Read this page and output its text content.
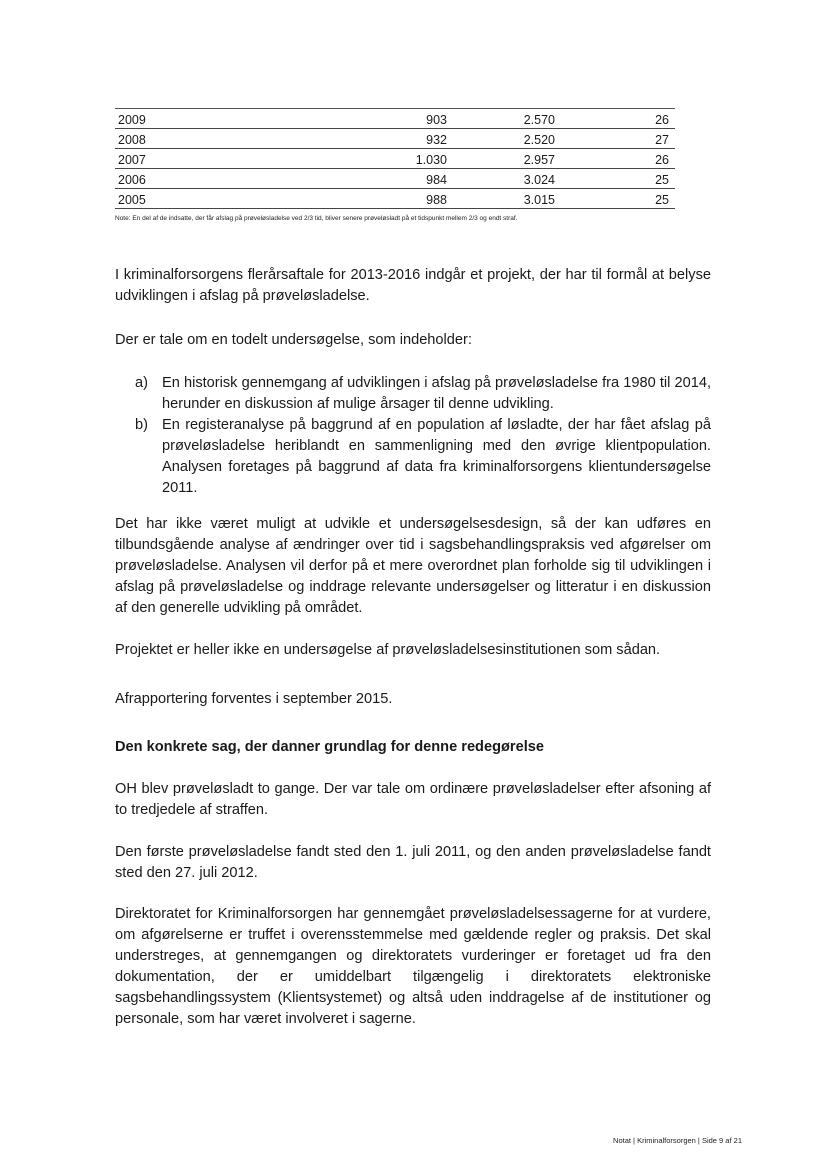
2009	903	2.570	26
2008	932	2.520	27
2007	1.030	2.957	26
2006	984	3.024	25
2005	988	3.015	25
Note: En del af de indsatte, der får afslag på prøveløsladelse ved 2/3 tid, bliver senere prøveløsladt på et tidspunkt mellem 2/3 og endt straf.

I kriminalforsorgens flerårsaftale for 2013-2016 indgår et projekt, der har til formål at belyse udviklingen i afslag på prøveløsladelse.

Der er tale om en todelt undersøgelse, som indeholder:

a) En historisk gennemgang af udviklingen i afslag på prøveløsladelse fra 1980 til 2014, herunder en diskussion af mulige årsager til denne udvikling.
b) En registeranalyse på baggrund af en population af løsladte, der har fået afslag på prøveløsladelse heriblandt en sammenligning med den øvrige klientpopulation. Analysen foretages på baggrund af data fra kriminalforsorgens klientundersøgelse 2011.

Det har ikke været muligt at udvikle et undersøgelsesdesign, så der kan udføres en tilbundsgående analyse af ændringer over tid i sagsbehandlingspraksis ved afgørelser om prøveløsladelse. Analysen vil derfor på et mere overordnet plan forholde sig til udviklingen i afslag på prøveløsladelse og inddrage relevante undersøgelser og litteratur i en diskussion af den generelle udvikling på området.

Projektet er heller ikke en undersøgelse af prøveløsladelsesinstitutionen som sådan.

Afrapportering forventes i september 2015.

Den konkrete sag, der danner grundlag for denne redegørelse

OH blev prøveløsladt to gange. Der var tale om ordinære prøveløsladelser efter afsoning af to tredjedele af straffen.

Den første prøveløsladelse fandt sted den 1. juli 2011, og den anden prøveløsladelse fandt sted den 27. juli 2012.

Direktoratet for Kriminalforsorgen har gennemgået prøveløsladelsessagerne for at vurdere, om afgørelserne er truffet i overensstemmelse med gældende regler og praksis. Det skal understreges, at gennemgangen og direktoratets vurderinger er foretaget ud fra den dokumentation, der er umiddelbart tilgængelig i direktoratets elektroniske sagsbehandlingssystem (Klientsystemet) og altså uden inddragelse af de institutioner og personale, som har været involveret i sagerne.

Notat | Kriminalforsorgen | Side 9 af 21
